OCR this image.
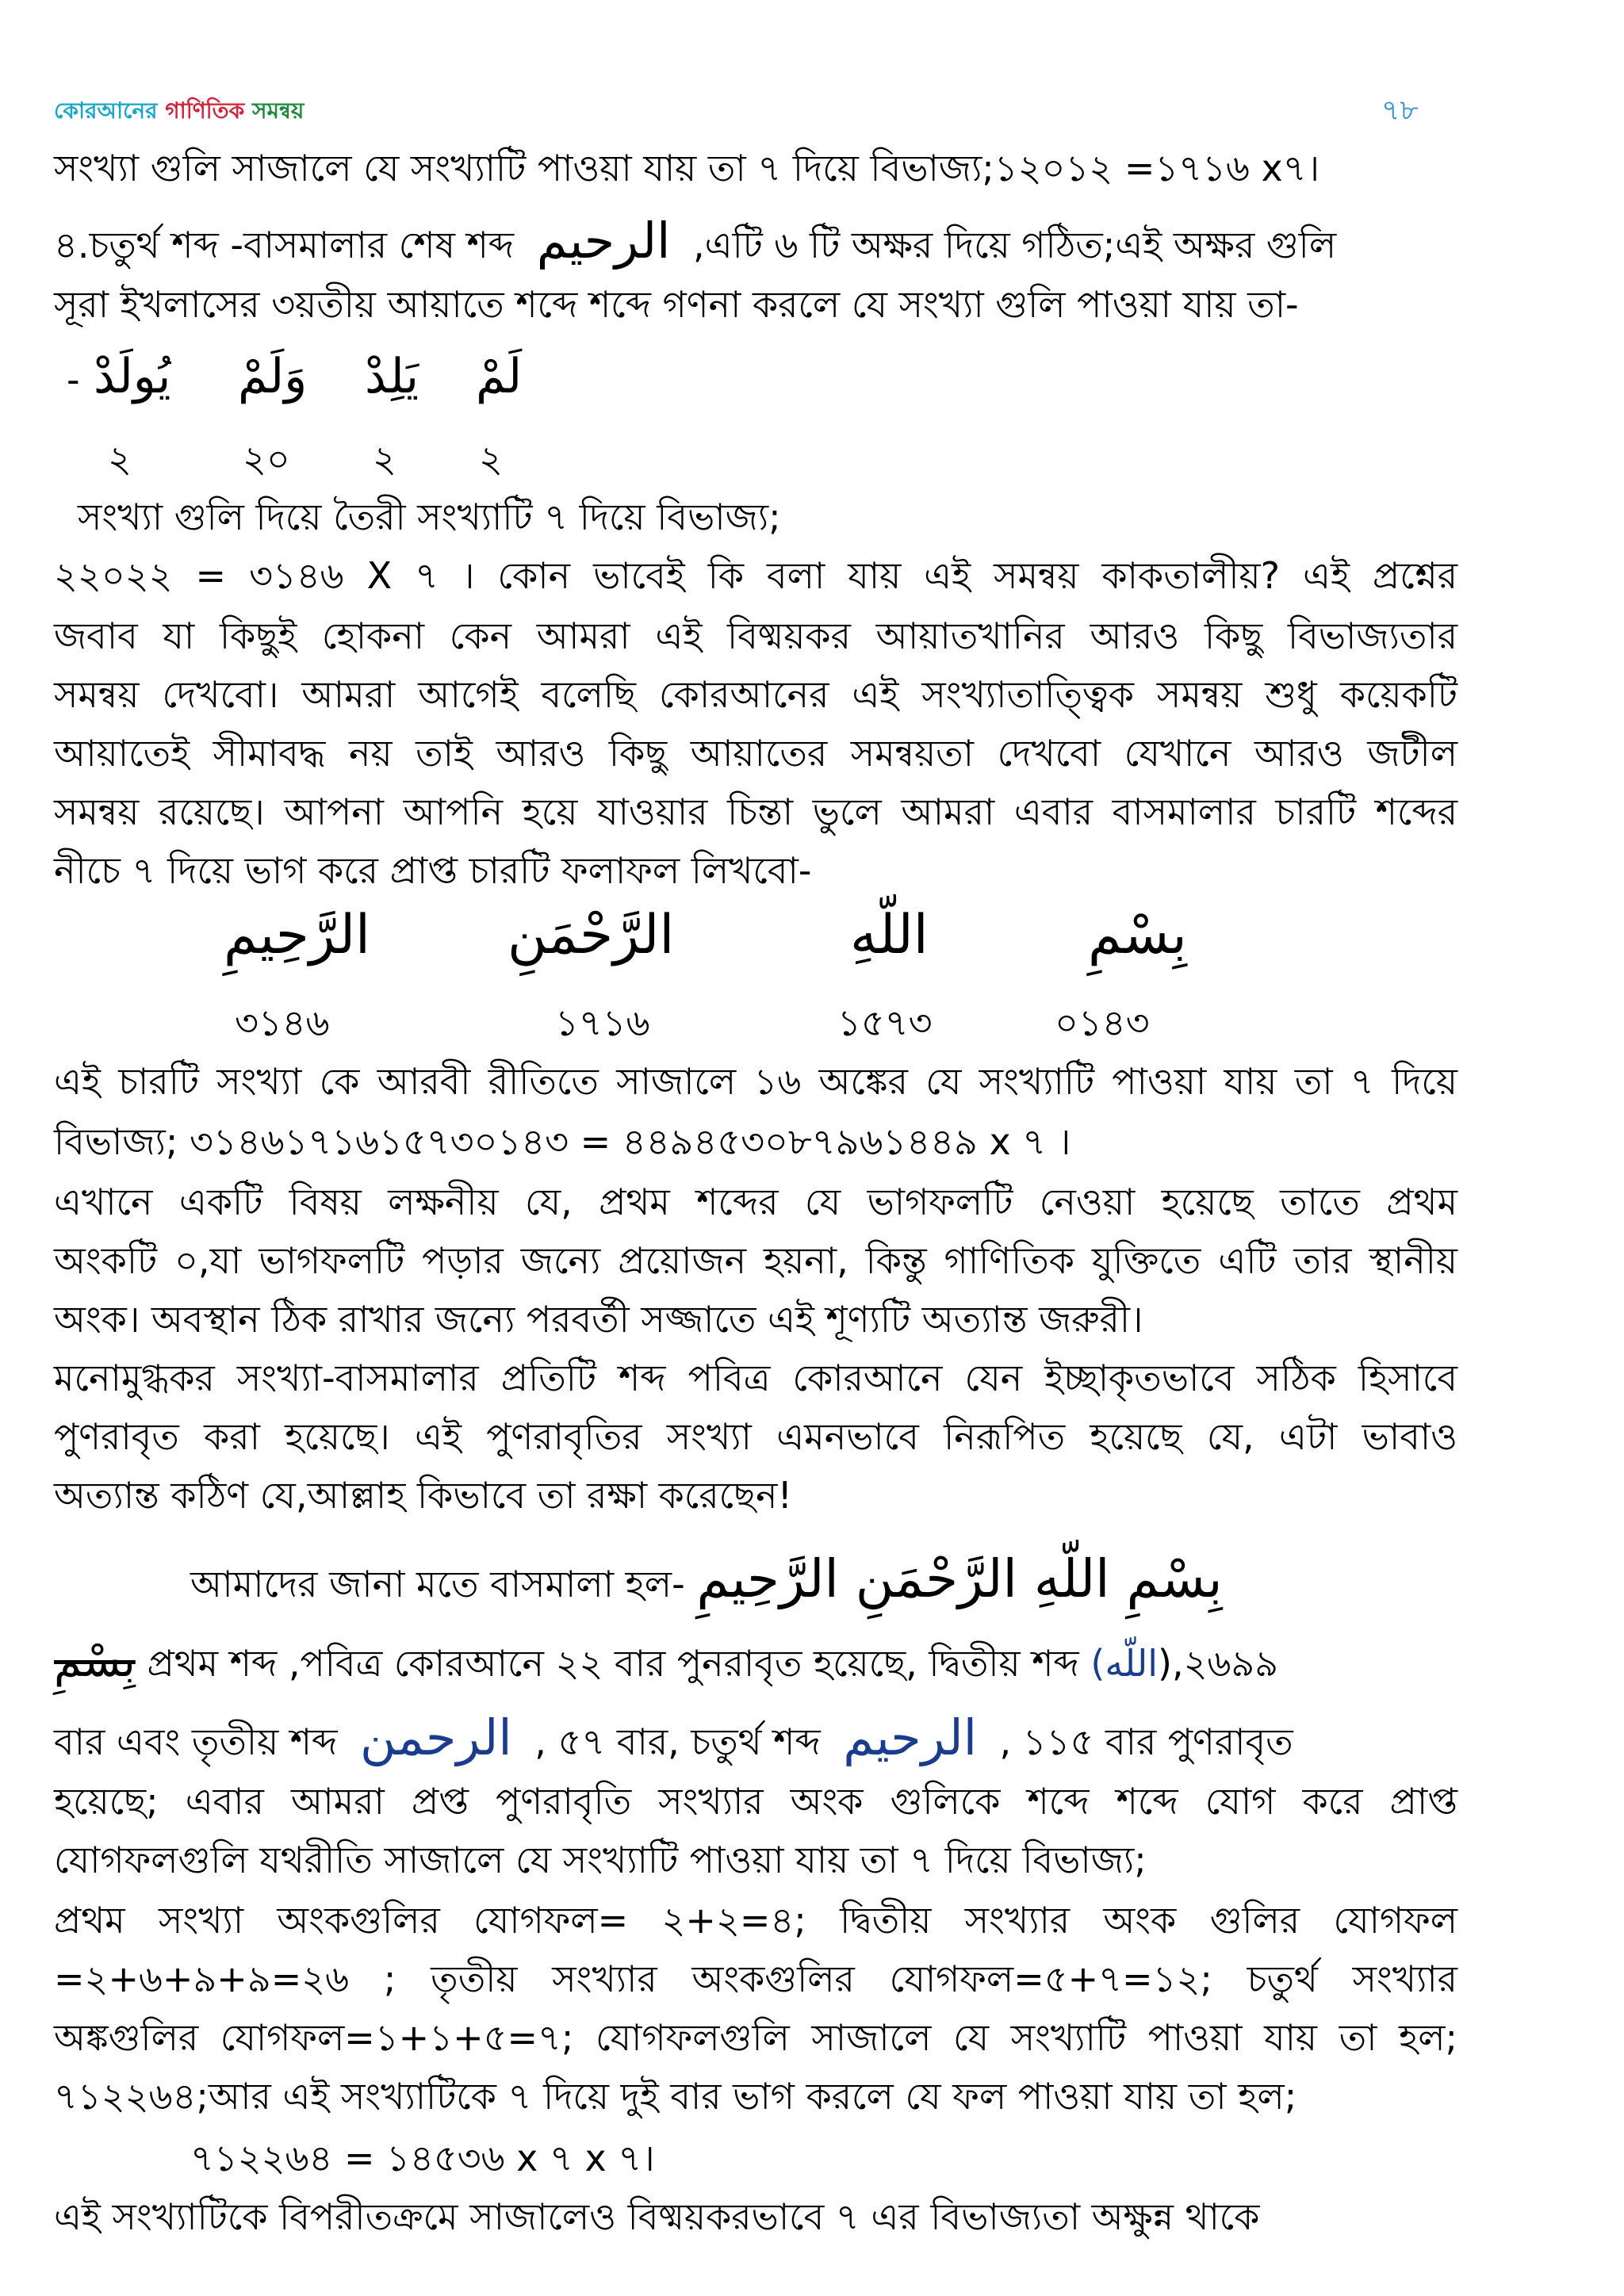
কোরআনের গাণিতিক সমন্বয়	৭৮
সংখ্যা গুলি সাজালে যে সংখ্যাটি পাওয়া যায় তা ৭ দিয়ে বিভাজ্য;১২০১২ =১৭১৬ x৭।
৪.চতুর্থ শব্দ -বাসমালার শেষ শব্দ الرحيم ,এটি ৬ টি অক্ষর দিয়ে গঠিত;এই অক্ষর গুলি
সূরা ইখলাসের ৩য়তীয় আয়াতে শব্দে শব্দে গণনা করলে যে সংখ্যা গুলি পাওয়া যায় তা-
- يُولَدْ وَلَمْ يَلِدْ لَمْ
২	২০ ২ ২
সংখ্যা গুলি দিয়ে তৈরী সংখ্যাটি ৭ দিয়ে বিভাজ্য;
২২০২২ = ৩১৪৬ X ৭ । কোন ভাবেই কি বলা যায় এই সমন্বয় কাকতালীয়? এই প্রশ্নের
জবাব যা কিছুই হোকনা কেন আমরা এই বিষ্ময়কর আয়াতখানির আরও কিছু বিভাজ্যতার
সমন্বয় দেখবো। আমরা আগেই বলেছি কোরআনের এই সংখ্যাতাত্ত্বিক সমন্বয় শুধু কয়েকটি
আয়াতেই সীমাবদ্ধ নয় তাই আরও কিছু আয়াতের সমন্বয়তা দেখবো যেখানে আরও জটীল
সমন্বয় রয়েছে। আপনা আপনি হয়ে যাওয়ার চিন্তা ভুলে আমরা এবার বাসমালার চারটি শব্দের
নীচে ৭ দিয়ে ভাগ করে প্রাপ্ত চারটি ফলাফল লিখবো-
الرَّحِيمِ	الرَّحْمَنِ	اللّهِ	بِسْمِ
৩১৪৬	১৭১৬	১৫৭৩	০১৪৩
এই চারটি সংখ্যা কে আরবী রীতিতে সাজালে ১৬ অঙ্কের যে সংখ্যাটি পাওয়া যায় তা ৭ দিয়ে
বিভাজ্য; ৩১৪৬১৭১৬১৫৭৩০১৪৩ = ৪৪৯৪৫৩০৮৭৯৬১৪৪৯ x ৭ ।
এখানে একটি বিষয় লক্ষনীয় যে, প্রথম শব্দের যে ভাগফলটি নেওয়া হয়েছে তাতে প্রথম
অংকটি ০,যা ভাগফলটি পড়ার জন্যে প্রয়োজন হয়না, কিন্তু গাণিতিক যুক্তিতে এটি তার স্থানীয়
অংক। অবস্থান ঠিক রাখার জন্যে পরবর্তী সজ্জাতে এই শূণ্যটি অত্যান্ত জরুরী।
মনোমুগ্ধকর সংখ্যা-বাসমালার প্রতিটি শব্দ পবিত্র কোরআনে যেন ইচ্ছাকৃতভাবে সঠিক হিসাবে
পুণরাবৃত করা হয়েছে। এই পুণরাবৃতির সংখ্যা এমনভাবে নিরূপিত হয়েছে যে, এটা ভাবাও
অত্যান্ত কঠিণ যে,আল্লাহ কিভাবে তা রক্ষা করেছেন!
আমাদের জানা মতে বাসমালা হল- بِسْمِ اللّهِ الرَّحْمَنِ الرَّحِيمِ
بِسْمِ প্রথম শব্দ ,পবিত্র কোরআনে ২২ বার পুনরাবৃত হয়েছে, দ্বিতীয় শব্দ (اللّه),২৬৯৯
বার এবং তৃতীয় শব্দ الرحمن , ৫৭ বার, চতুর্থ শব্দ الرحيم , ১১৫ বার পুণরাবৃত
হয়েছে; এবার আমরা প্রপ্ত পুণরাবৃতি সংখ্যার অংক গুলিকে শব্দে শব্দে যোগ করে প্রাপ্ত
যোগফলগুলি যথরীতি সাজালে যে সংখ্যাটি পাওয়া যায় তা ৭ দিয়ে বিভাজ্য;
প্রথম সংখ্যা অংকগুলির যোগফল= ২+২=৪; দ্বিতীয় সংখ্যার অংক গুলির যোগফল
=২+৬+৯+৯=২৬ ; তৃতীয় সংখ্যার অংকগুলির যোগফল=৫+৭=১২; চতুর্থ সংখ্যার
অঙ্কগুলির যোগফল=১+১+৫=৭; যোগফলগুলি সাজালে যে সংখ্যাটি পাওয়া যায় তা হল;
৭১২২৬৪;আর এই সংখ্যাটিকে ৭ দিয়ে দুই বার ভাগ করলে যে ফল পাওয়া যায় তা হল;
৭১২২৬৪ = ১৪৫৩৬ x ৭ x ৭।
এই সংখ্যাটিকে বিপরীতক্রমে সাজালেও বিষ্ময়করভাবে ৭ এর বিভাজ্যতা অক্ষুন্ন থাকে
